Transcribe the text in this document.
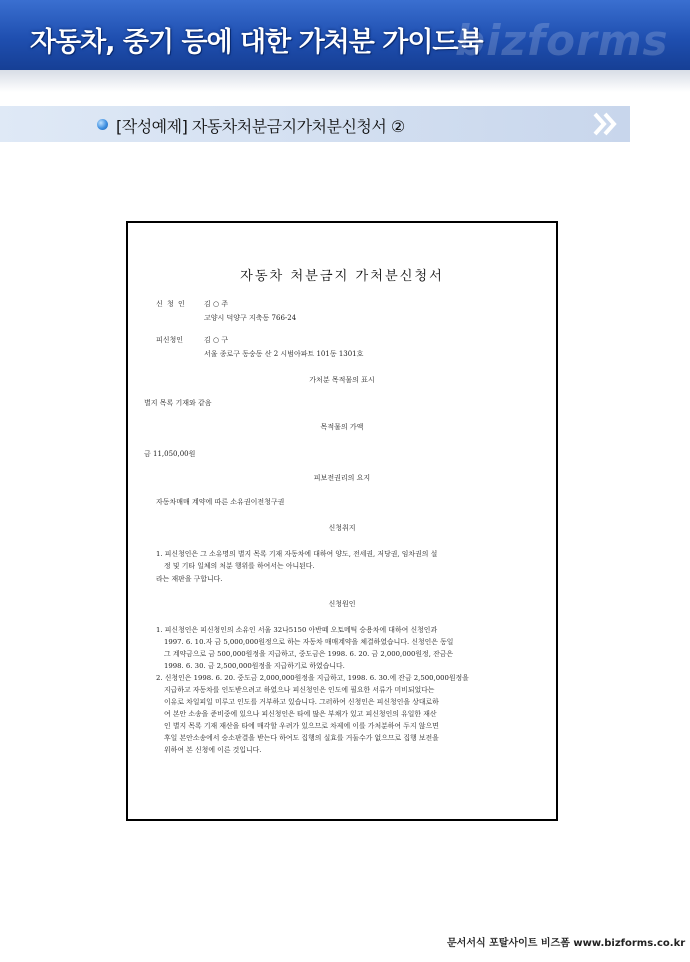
자동차, 중기 등에 대한 가처분 가이드북
bizforms
[작성예제] 자동차처분금지가처분신청서 ②
자동차 처분금지 가처분신청서
신 청 인	김 ○ 주
고양시 덕양구 지축동 766-24
피신청인	김 ○ 구
서울 종로구 동숭동 산 2 시범아파트 101동 1301호
가처분 목적물의 표시
별지 목록 기재와 같음
목적물의 가액
금 11,050,00원
피보전권리의 요지
자동차매매 계약에 따른 소유권이전청구권
신청취지
1. 피신청인은 그 소유명의 별지 목록 기재 자동차에 대하여 양도, 전세권, 저당권, 임차권의 설
정 및 기타 일체의 처분 행위를 하여서는 아니된다.
라는 재판을 구합니다.
신청원인
1. 피신청인은 피신청인의 소유인 서울 32나5150 아반떼 오토메틱 승용차에 대하여 신청인과
1997. 6. 10.자 금 5,000,000원정으로 하는 자동차 매매계약을 체결하였습니다. 신청인은 동일
그 계약금으로 금 500,000원정을 지급하고, 중도금은 1998. 6. 20. 금 2,000,000원정, 잔금은
1998. 6. 30. 금 2,500,000원정을 지급하기로 하였습니다.
2. 신청인은 1998. 6. 20. 중도금 2,000,000원정을 지급하고, 1998. 6. 30.에 잔금 2,500,000원정을
지급하고 자동차를 인도받으려고 하였으나 피신청인은 인도에 필요한 서류가 미비되었다는
이유로 차일피일 미루고 인도를 거부하고 있습니다. 그러하여 신청인은 피신청인을 상대로하
여 본안 소송을 준비중에 있으나 피신청인은 타에 많은 부채가 있고 피신청인의 유일한 재산
인 별지 목록 기재 재산을 타에 매각할 우려가 있으므로 차제에 이를 가처분하여 두지 않으면
후일 본안소송에서 승소판결을 받는다 하여도 집행의 실효를 거둘수가 없으므로 집행 보전을
위하여 본 신청에 이른 것입니다.
문서서식 포탈사이트 비즈폼 www.bizforms.co.kr
